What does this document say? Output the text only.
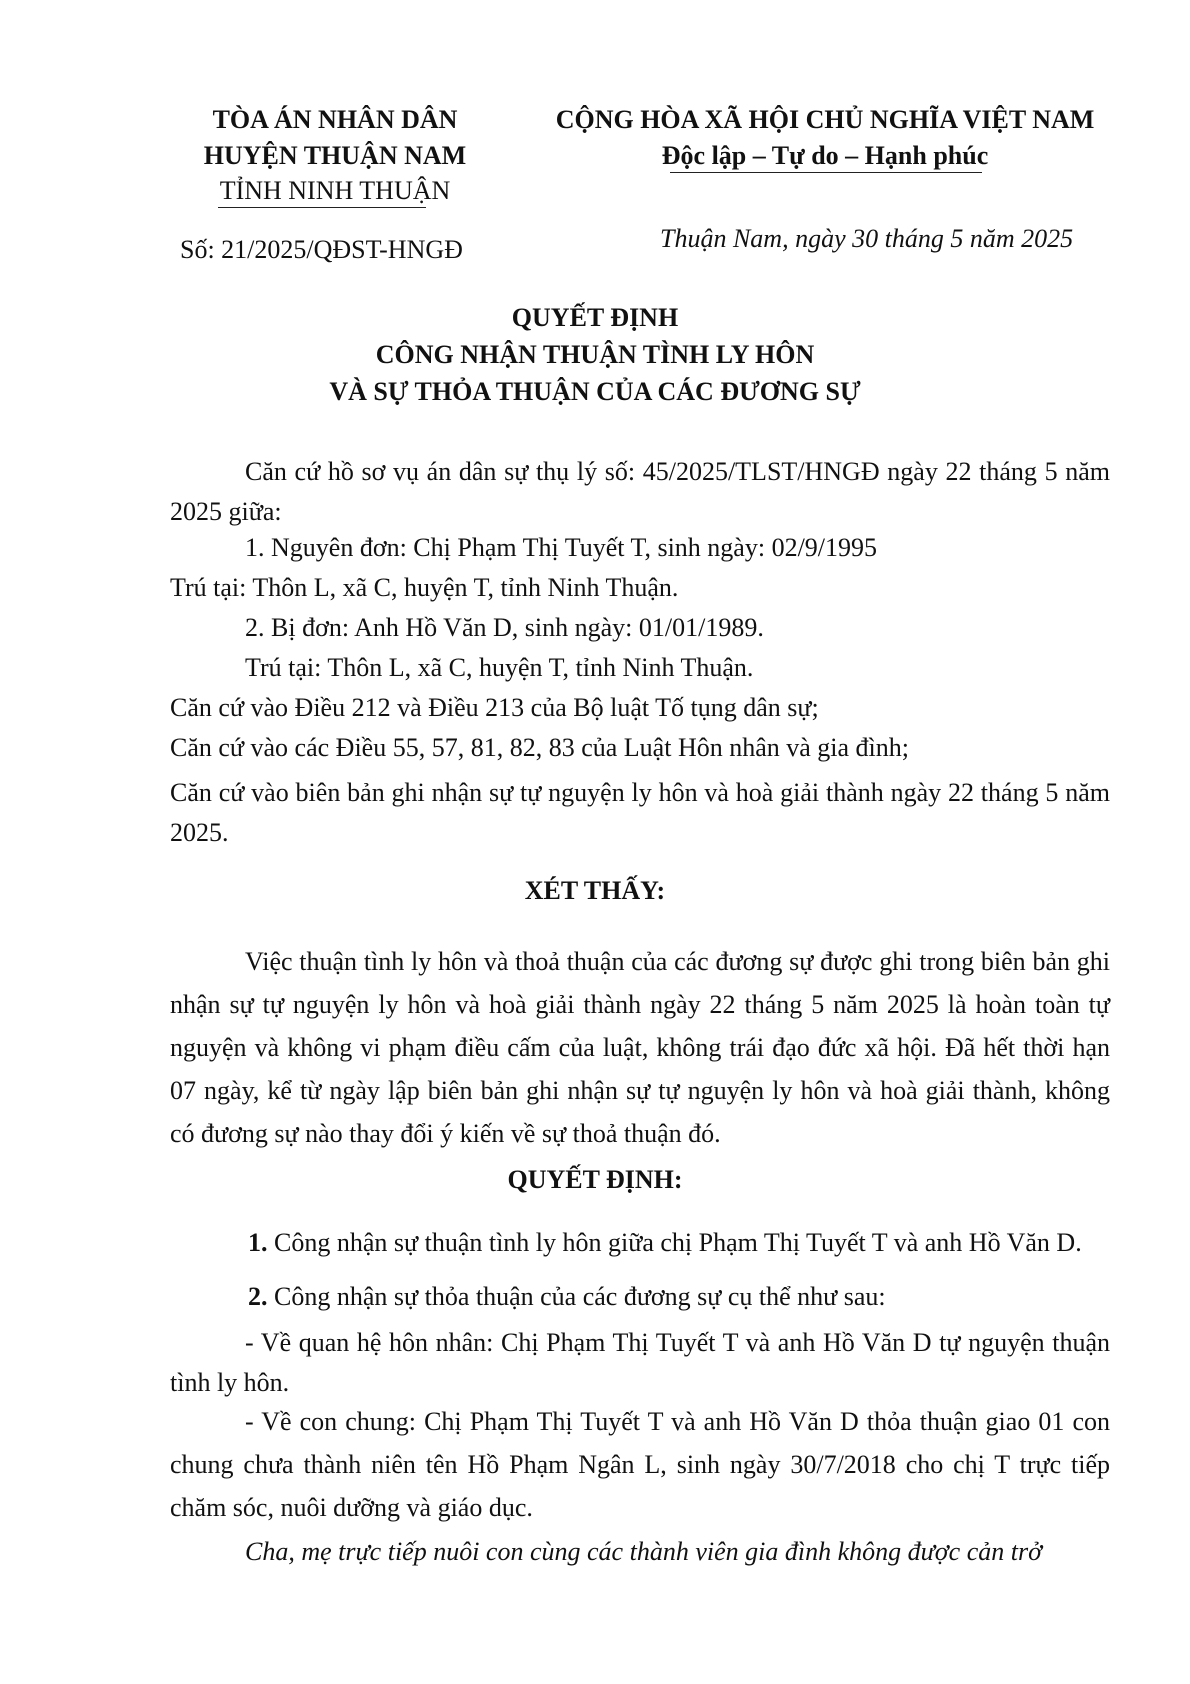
TÒA ÁN NHÂN DÂN
HUYỆN THUẬN NAM
TỈNH NINH THUẬN
Số: 21/2025/QĐST-HNGĐ
CỘNG HÒA XÃ HỘI CHỦ NGHĨA VIỆT NAM
Độc lập – Tự do – Hạnh phúc
Thuận Nam, ngày 30 tháng 5 năm 2025
QUYẾT ĐỊNH
CÔNG NHẬN THUẬN TÌNH LY HÔN
VÀ SỰ THỎA THUẬN CỦA CÁC ĐƯƠNG SỰ
Căn cứ hồ sơ vụ án dân sự thụ lý số: 45/2025/TLST/HNGĐ ngày 22 tháng 5 năm 2025 giữa:
1. Nguyên đơn: Chị Phạm Thị Tuyết T, sinh ngày: 02/9/1995
Trú tại: Thôn L, xã C, huyện T, tỉnh Ninh Thuận.
2. Bị đơn: Anh Hồ Văn D, sinh ngày: 01/01/1989.
Trú tại: Thôn L, xã C, huyện T, tỉnh Ninh Thuận.
Căn cứ vào Điều 212 và Điều 213 của Bộ luật Tố tụng dân sự;
Căn cứ vào các Điều 55, 57, 81, 82, 83 của Luật Hôn nhân và gia đình;
Căn cứ vào biên bản ghi nhận sự tự nguyện ly hôn và hoà giải thành ngày 22 tháng 5 năm 2025.
XÉT THẤY:
Việc thuận tình ly hôn và thoả thuận của các đương sự được ghi trong biên bản ghi nhận sự tự nguyện ly hôn và hoà giải thành ngày 22 tháng 5 năm 2025 là hoàn toàn tự nguyện và không vi phạm điều cấm của luật, không trái đạo đức xã hội. Đã hết thời hạn 07 ngày, kể từ ngày lập biên bản ghi nhận sự tự nguyện ly hôn và hoà giải thành, không có đương sự nào thay đổi ý kiến về sự thoả thuận đó.
QUYẾT ĐỊNH:
1. Công nhận sự thuận tình ly hôn giữa chị Phạm Thị Tuyết T và anh Hồ Văn D.
2. Công nhận sự thỏa thuận của các đương sự cụ thể như sau:
- Về quan hệ hôn nhân: Chị Phạm Thị Tuyết T và anh Hồ Văn D tự nguyện thuận tình ly hôn.
- Về con chung: Chị Phạm Thị Tuyết T và anh Hồ Văn D thỏa thuận giao 01 con chung chưa thành niên tên Hồ Phạm Ngân L, sinh ngày 30/7/2018 cho chị T trực tiếp chăm sóc, nuôi dưỡng và giáo dục.
Cha, mẹ trực tiếp nuôi con cùng các thành viên gia đình không được cản trở
